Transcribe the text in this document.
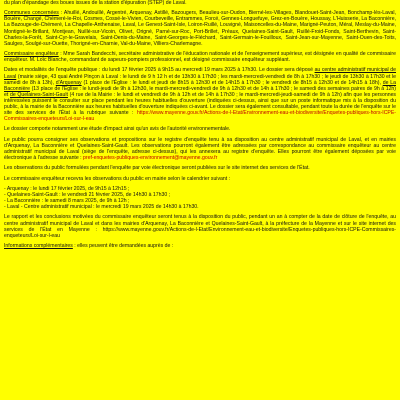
du plan d'épandage des boues issues de la station d'épuration (STEP) de Laval.

Communes concernées : Ahuillé, Andouillé, Argentré, Arquenay, Astillé, Bazougers, Beaulieu-sur-Oudon, Bierné-les-Villages, Blandouet-Saint-Jean, Bonchamp-lès-Laval, Bouère, Changé, Chémeré-le-Roi, Cosmes, Cossé-le-Vivien, Courbeveille, Entrammes, Forcé, Gennes-Longuefuye, Grez-en-Bouère, Houssay, L'Huisserie, La Baconnière, La Bazouge-de-Chémeré, La Chapelle-Anthenaise, Laval, Le Genest-Saint-Isle, Loiron-Ruillé, Louvigné, Maisoncelles-du-Maine, Marigné-Peuton, Méral, Meslay-du-Maine, Montigné-le-Brillant, Montjean, Nuillé-sur-Vicoin, Olivet, Origné, Parné-sur-Roc, Port-Brillet, Préaux, Quelaines-Saint-Gault, Ruillé-Froid-Fonds, Saint-Berthevin, Saint-Charles-la-Forêt, Saint-Cyr-le-Gravelais, Saint-Denis-du-Maine, Saint-Georges-le-Fléchard, Saint-Germain-le-Fouilloux, Saint-Jean-sur-Mayenne, Saint-Ouen-des-Toits, Saulges, Soulgé-sur-Ouette, Thorigné-en-Charnie, Val-du-Maine, Villiers-Charlemagne.

Commissaire enquêteur : Mme Sarah Bandecchi, secrétaire administrative de l'éducation nationale et de l'enseignement supérieur, est désignée en qualité de commissaire enquêteur. M. Loïc Blanche, commandant de sapeurs-pompiers professionnel, est désigné commissaire enquêteur suppléant.

Dates et modalités de l'enquête publique : du lundi 17 février 2025 à 9h15 au mercredi 19 mars 2025 à 17h30. Le dossier sera déposé au centre administratif municipal de Laval (mairie siège, 43 quai André Pinçon à Laval : le lundi de 9 h 12 h et de 13h30 à 17h30 ; les mardi-mercredi-vendredi de 8h à 17h30 ; le jeudi de 13h30 à 17h30 et le samedi de 8h à 13h), d'Arquenay (1 place de l'Église : le lundi et jeudi de 8h15 à 12h30 et de 14h15 à 17h30 ; le vendredi de 8h15 à 12h30 et de 14h15 à 18h), de La Baconnière (13 place de l'Église : le lundi-jeudi de 9h à 12h30, le mardi-mercredi-vendredi de 9h à 12h30 et de 14h à 17h30 ; le samedi des semaines paires de 9h à 12h) et de Quelaines-Saint-Gault (4 rue de la Mairie : le lundi et vendredi de 9h à 12h et de 14h à 17h30 ; le mardi-mercredi-jeudi-samedi de 9h à 12h) afin que les personnes intéressées puissent le consulter sur place pendant les heures habituelles d'ouverture (indiquées ci-dessus, ainsi que sur un poste informatique mis à la disposition du public, à la mairie de la Baconnière aux heures habituelles d'ouverture indiquées ci-avant. Le dossier sera également consultable, pendant toute la durée de l'enquête sur le site des services de l'État à la rubrique suivante : https://www.mayenne.gouv.fr/Actions-de-l-Etat/Environnement-eau-et-biodiversite/Enquetes-publiques-hors-ICPE-Commissaires-enqueteurs/Loi-sur-l-eau

Le dossier comporte notamment une étude d'impact ainsi qu'un avis de l'autorité environnementale.

Le public pourra consigner ses observations et propositions sur le registre d'enquête tenu à sa disposition au centre administratif municipal de Laval, et en mairies d'Arquenay, La Baconnière et Quelaines-Saint-Gault. Les observations pourront également être adressées par correspondance au commissaire enquêteur au centre administratif municipal de Laval (siège de l'enquête, adresse ci-dessus), qui les annexera au registre d'enquête. Elles pourront être également déposées par voie électronique à l'adresse suivante : pref-enquetes-publiques-environnement@mayenne.gouv.fr

Les observations du public formulées pendant l'enquête par voie électronique seront publiées sur le site internet des services de l'État.

Le commissaire enquêteur recevra les observations du public en mairie selon le calendrier suivant :

- Arquenay : le lundi 17 février 2025, de 9h15 à 12h15 ;
- Quelaines-Saint-Gault : le vendredi 21 février 2025, de 14h30 à 17h30 ;
- La Baconnière : le samedi 8 mars 2025, de 9h à 12h ;
- Laval - Centre administratif municipal : le mercredi 19 mars 2025 de 14h30 à 17h30.

Le rapport et les conclusions motivées du commissaire enquêteur seront tenus à la disposition du public, pendant un an à compter de la date de clôture de l'enquête, au centre administratif municipal de Laval et dans les mairies d'Arquenay, La Baconnière et Quelaines-Saint-Gault, à la préfecture de la Mayenne et sur le site internet des services de l'État en Mayenne : https://www.mayenne.gouv.fr/Actions-de-l-Etat/Environnement-eau-et-biodiversite/Enquetes-publiques-hors-ICPE-Commissaires-enqueteurs/Loi-sur-l-eau

Informations complémentaires : elles peuvent être demandées auprès de :
